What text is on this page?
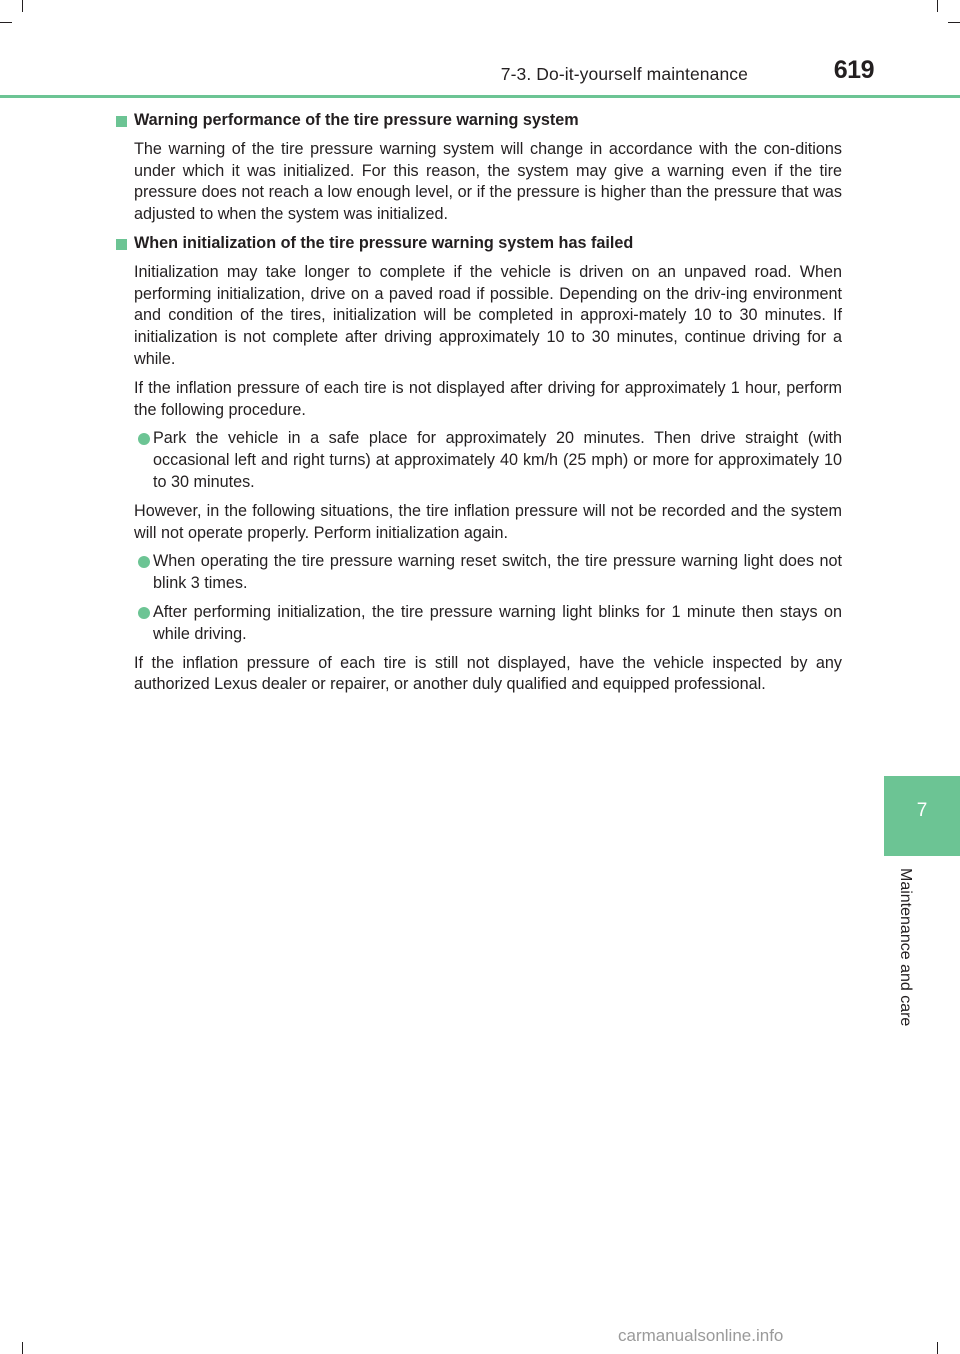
7-3. Do-it-yourself maintenance	619
Warning performance of the tire pressure warning system
The warning of the tire pressure warning system will change in accordance with the con-ditions under which it was initialized. For this reason, the system may give a warning even if the tire pressure does not reach a low enough level, or if the pressure is higher than the pressure that was adjusted to when the system was initialized.
When initialization of the tire pressure warning system has failed
Initialization may take longer to complete if the vehicle is driven on an unpaved road. When performing initialization, drive on a paved road if possible. Depending on the driv-ing environment and condition of the tires, initialization will be completed in approxi-mately 10 to 30 minutes. If initialization is not complete after driving approximately 10 to 30 minutes, continue driving for a while.
If the inflation pressure of each tire is not displayed after driving for approximately 1 hour, perform the following procedure.
Park the vehicle in a safe place for approximately 20 minutes. Then drive straight (with occasional left and right turns) at approximately 40 km/h (25 mph) or more for approximately 10 to 30 minutes.
However, in the following situations, the tire inflation pressure will not be recorded and the system will not operate properly. Perform initialization again.
When operating the tire pressure warning reset switch, the tire pressure warning light does not blink 3 times.
After performing initialization, the tire pressure warning light blinks for 1 minute then stays on while driving.
If the inflation pressure of each tire is still not displayed, have the vehicle inspected by any authorized Lexus dealer or repairer, or another duly qualified and equipped professional.
7
Maintenance and care
carmanualsonline.info
